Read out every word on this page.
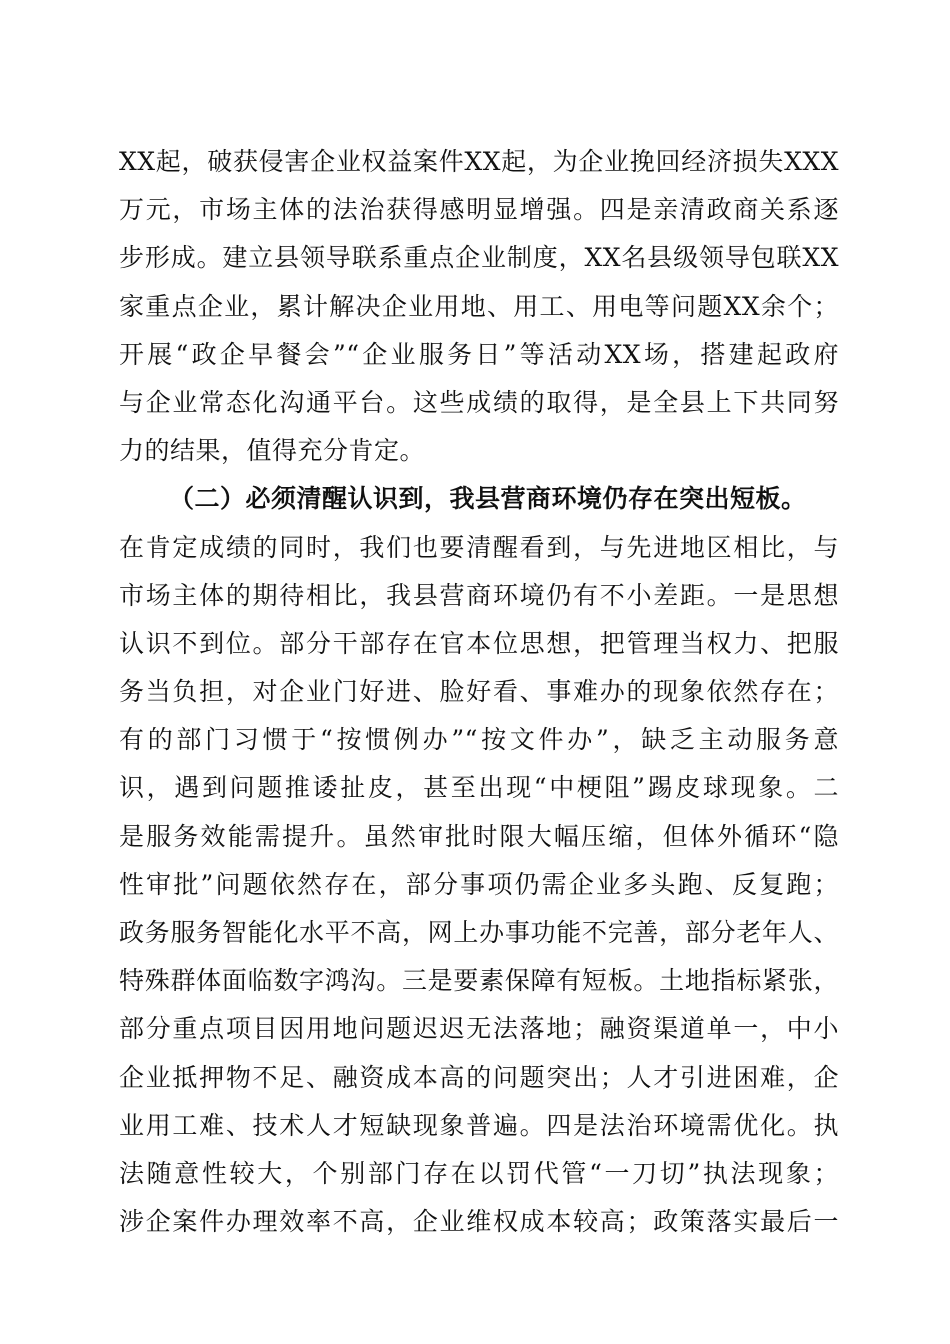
XX起，破获侵害企业权益案件XX起，为企业挽回经济损失XXX
万元，市场主体的法治获得感明显增强。四是亲清政商关系逐
步形成。建立县领导联系重点企业制度，XX名县级领导包联XX
家重点企业，累计解决企业用地、用工、用电等问题XX余个；
开展“政企早餐会”“企业服务日”等活动XX场，搭建起政府
与企业常态化沟通平台。这些成绩的取得，是全县上下共同努
力的结果，值得充分肯定。
（二）必须清醒认识到，我县营商环境仍存在突出短板。
在肯定成绩的同时，我们也要清醒看到，与先进地区相比，与
市场主体的期待相比，我县营商环境仍有不小差距。一是思想
认识不到位。部分干部存在官本位思想，把管理当权力、把服
务当负担，对企业门好进、脸好看、事难办的现象依然存在；
有的部门习惯于“按惯例办”“按文件办”，缺乏主动服务意
识，遇到问题推诿扯皮，甚至出现“中梗阻”踢皮球现象。二
是服务效能需提升。虽然审批时限大幅压缩，但体外循环“隐
性审批”问题依然存在，部分事项仍需企业多头跑、反复跑；
政务服务智能化水平不高，网上办事功能不完善，部分老年人、
特殊群体面临数字鸿沟。三是要素保障有短板。土地指标紧张，
部分重点项目因用地问题迟迟无法落地；融资渠道单一，中小
企业抵押物不足、融资成本高的问题突出；人才引进困难，企
业用工难、技术人才短缺现象普遍。四是法治环境需优化。执
法随意性较大，个别部门存在以罚代管“一刀切”执法现象；
涉企案件办理效率不高，企业维权成本较高；政策落实最后一
